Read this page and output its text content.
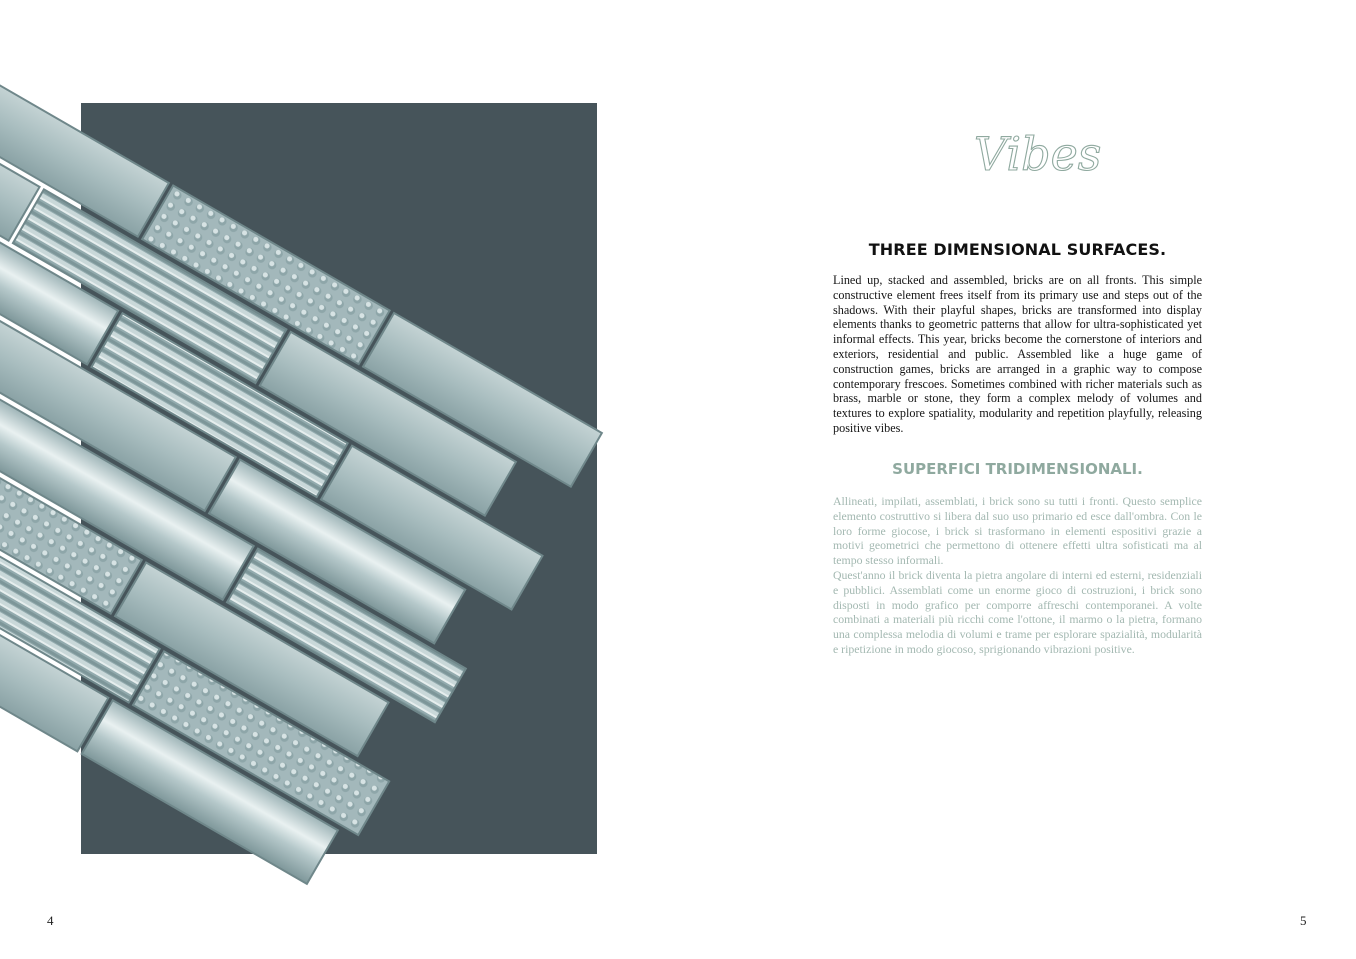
Vibes
THREE DIMENSIONAL SURFACES.

Lined up, stacked and assembled, bricks are on all fronts. This simple constructive element frees itself from its primary use and steps out of the shadows. With their playful shapes, bricks are transformed into display elements thanks to geometric patterns that allow for ultra-sophisticated yet informal effects. This year, bricks become the cornerstone of interiors and exteriors, residential and public. Assembled like a huge game of construction games, bricks are arranged in a graphic way to compose contemporary frescoes. Sometimes combined with richer materials such as brass, marble or stone, they form a complex melody of volumes and textures to explore spatiality, modularity and repetition playfully, releasing positive vibes.

SUPERFICI TRIDIMENSIONALI.

Allineati, impilati, assemblati, i brick sono su tutti i fronti. Questo semplice elemento costruttivo si libera dal suo uso primario ed esce dall'ombra. Con le loro forme giocose, i brick si trasformano in elementi espositivi grazie a motivi geometrici che permettono di ottenere effetti ultra sofisticati ma al tempo stesso informali.
Quest'anno il brick diventa la pietra angolare di interni ed esterni, residenziali e pubblici. Assemblati come un enorme gioco di costruzioni, i brick sono disposti in modo grafico per comporre affreschi contemporanei. A volte combinati a materiali più ricchi come l'ottone, il marmo o la pietra, formano una complessa melodia di volumi e trame per esplorare spazialità, modularità e ripetizione in modo giocoso, sprigionando vibrazioni positive.

4	5
